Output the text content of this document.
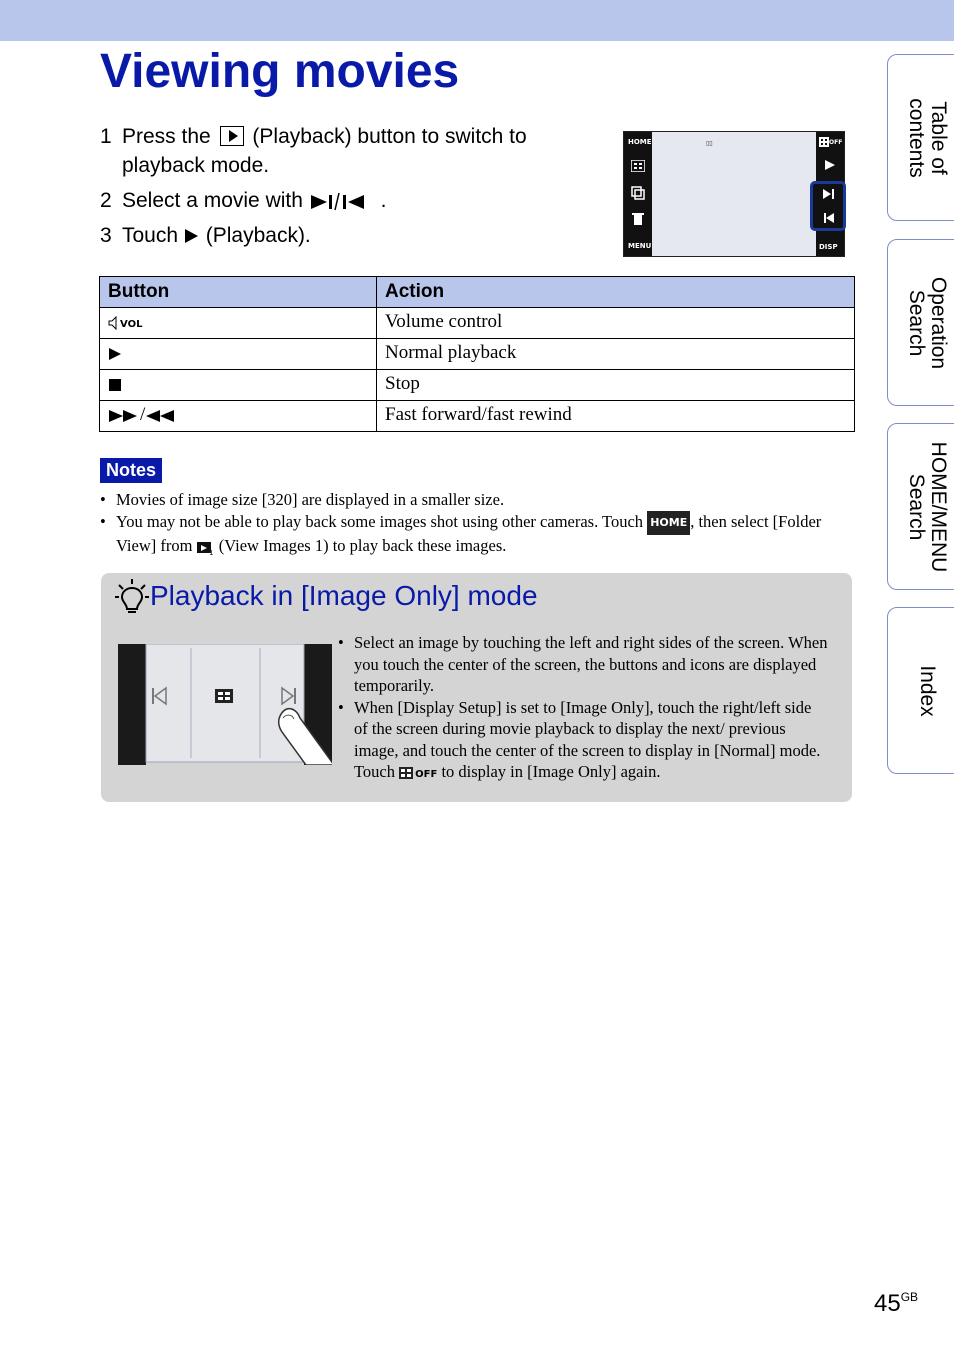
Viewing movies
1 Press the (Playback) button to switch to playback mode.
2 Select a movie with	.
3 Touch (Playback).
HOME
MENU
OFF
DISP
▯▯
Button	Action
VOL	Volume control
	Normal playback
	Stop
/	Fast forward/fast rewind
Notes
• Movies of image size [320] are displayed in a smaller size.
• You may not be able to play back some images shot using other cameras. Touch HOME , then select [Folder View] from 1 (View Images 1) to play back these images.
Playback in [Image Only] mode
• Select an image by touching the left and right sides of the screen. When you touch the center of the screen, the buttons and icons are displayed temporarily.
• When [Display Setup] is set to [Image Only], touch the right/left side of the screen during movie playback to display the next/ previous image, and touch the center of the screen to display in [Normal] mode. Touch OFF to display in [Image Only] again.
Table of
contents
Operation
Search
HOME/MENU
Search
Index
$45^{GB}$
